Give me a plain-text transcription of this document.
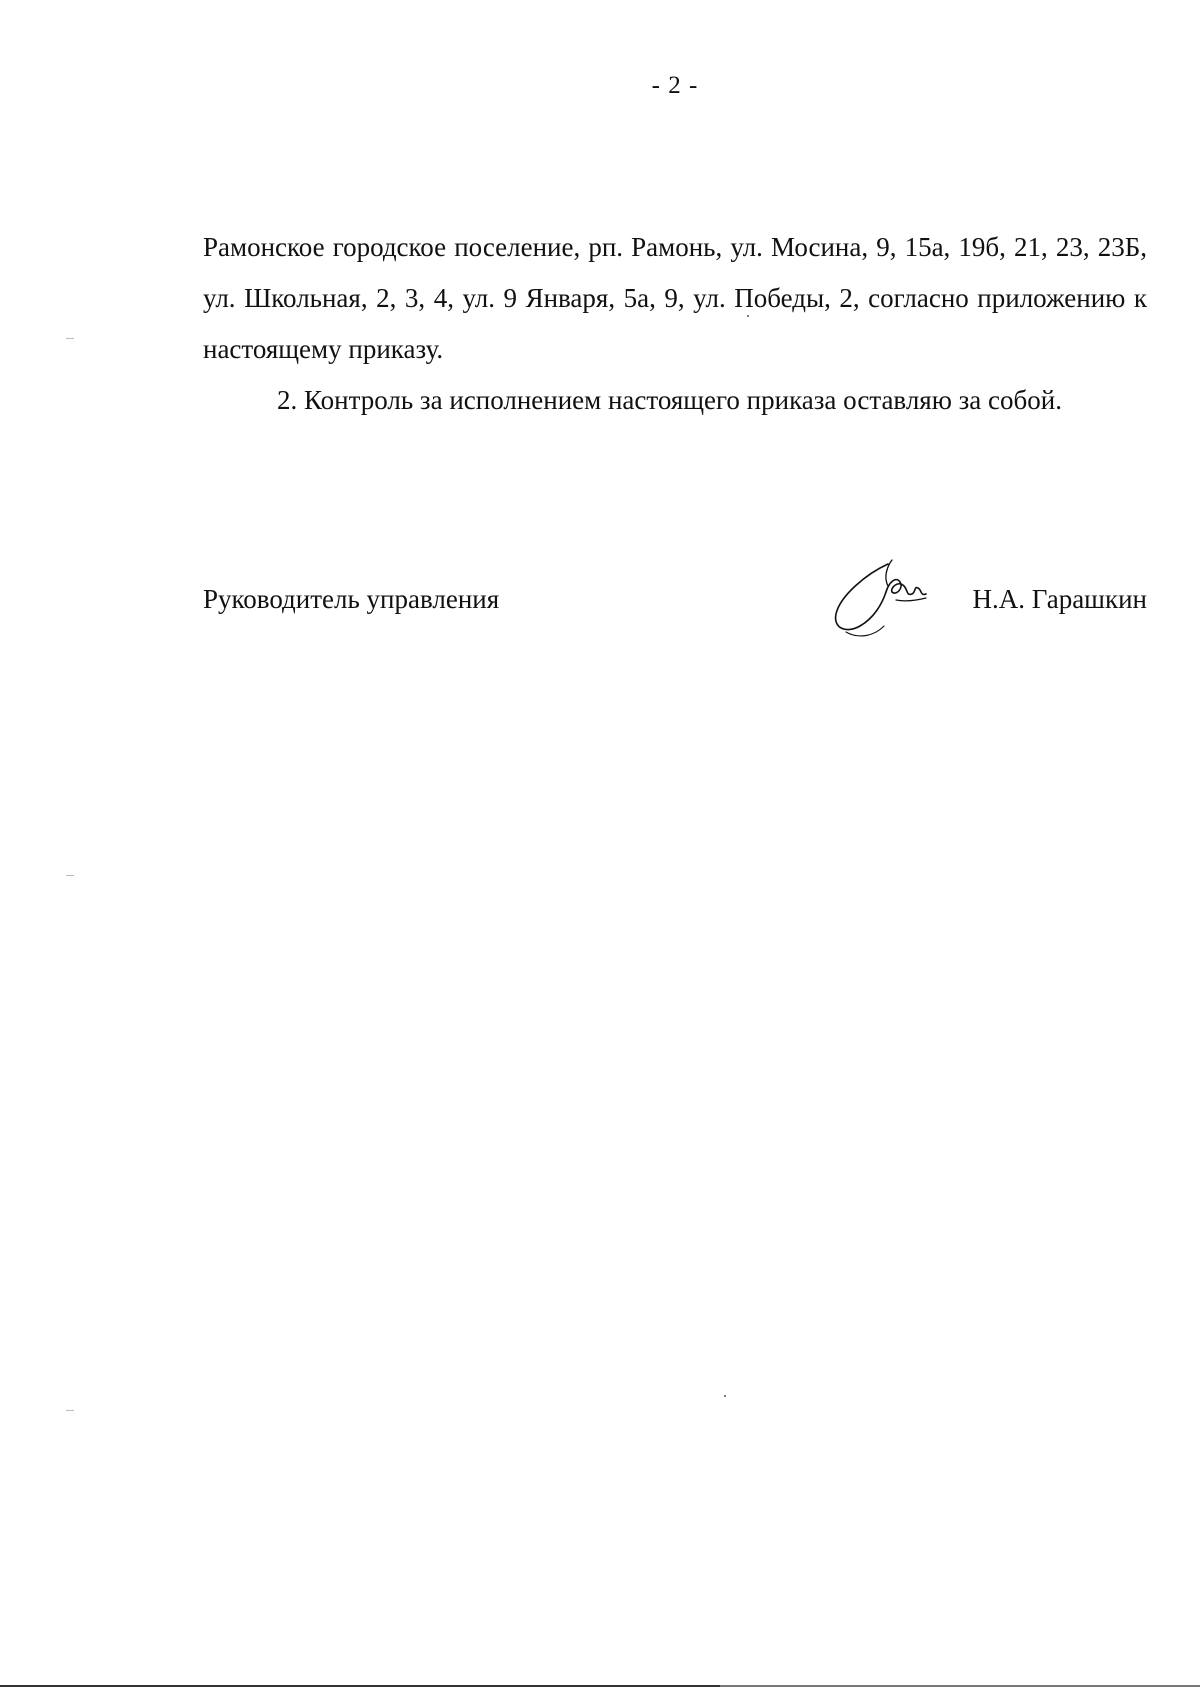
- 2 -

Рамонское городское поселение, рп. Рамонь, ул. Мосина, 9, 15а, 19б, 21, 23, 23Б, ул. Школьная, 2, 3, 4, ул. 9 Января, 5а, 9, ул. Победы, 2, согласно приложению к настоящему приказу.

2. Контроль за исполнением настоящего приказа оставляю за собой.

Руководитель управления	Н.А. Гарашкин
